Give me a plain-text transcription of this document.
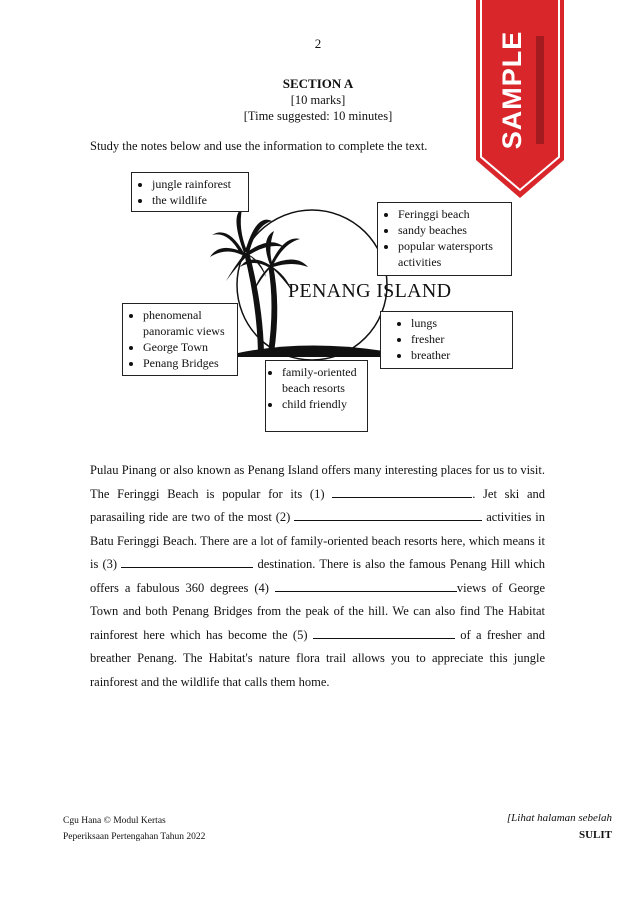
2
SECTION A
[10 marks]
[Time suggested: 10 minutes]
Study the notes below and use the information to complete the text.	SAMPLE
PENANG ISLAND
• jungle rainforest
• the wildlife
• Feringgi beach
• sandy beaches
• popular watersports activities
• phenomenal panoramic views
• George Town
• Penang Bridges
• lungs
• fresher
• breather
• family-oriented beach resorts
• child friendly
Pulau Pinang or also known as Penang Island offers many interesting places for us to visit. The Feringgi Beach is popular for its (1)	. Jet ski and parasailing ride are two of the most (2)	activities in Batu Feringgi Beach. There are a lot of family-oriented beach resorts here, which means it is (3)	destination. There is also the famous Penang Hill which offers a fabulous 360 degrees (4)	views of George Town and both Penang Bridges from the peak of the hill. We can also find The Habitat rainforest here which has become the (5)	of a fresher and breather Penang. The Habitat's nature flora trail allows you to appreciate this jungle rainforest and the wildlife that calls them home.
Cgu Hana © Modul Kertas
Peperiksaan Pertengahan Tahun 2022
[Lihat halaman sebelah
SULIT
